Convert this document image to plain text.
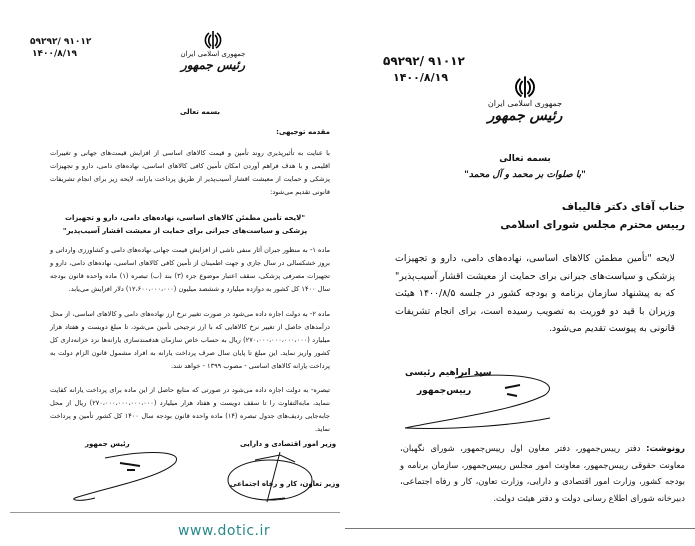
۵۹۲۹۲/ ۹۱۰۱۲
۱۴۰۰/۸/۱۹	جمهوری اسلامی ایران
رئیس جمهور
بسمه تعالی
مقدمه توجیهی:
با عنایت به تأثیرپذیری روند تأمین و قیمت کالاهای اساسی از افزایش قیمت‌های جهانی و تغییرات اقلیمی و با هدف فراهم آوردن امکان تأمین کافی کالاهای اساسی، نهاده‌های دامی، دارو و تجهیزات پزشکی و حمایت از معیشت اقشار آسیب‌پذیر از طریق پرداخت یارانه، لایحه زیر برای انجام تشریفات قانونی تقدیم می‌شود:
"لایحه تأمین مطمئن کالاهای اساسی، نهاده‌های دامی، دارو و تجهیزات پزشکی و سیاست‌های جبرانی برای حمایت از معیشت اقشار آسیب‌پذیر"
ماده ۱- به منظور جبران آثار منفی ناشی از افزایش قیمت جهانی نهاده‌های دامی و کشاورزی وارداتی و بروز خشکسالی در سال جاری و جهت اطمینان از تأمین کافی کالاهای اساسی، نهاده‌های دامی، دارو و تجهیزات مصرفی پزشکی، سقف اعتبار موضوع جزء (۳) بند (ب) تبصره (۱) ماده واحده قانون بودجه سال ۱۴۰۰ کل کشور به دوازده میلیارد و ششصد میلیون (۱۲،۶۰۰،۰۰۰،۰۰۰) دلار افزایش می‌یابد.
ماده ۲- به دولت اجازه داده می‌شود در صورت تغییر نرخ ارز نهاده‌های دامی و کالاهای اساسی، از محل درآمدهای حاصل از تغییر نرخ کالاهایی که با ارز ترجیحی تأمین می‌شود، تا مبلغ دویست و هفتاد هزار میلیارد (۲۷۰،۰۰۰،۰۰۰،۰۰۰،۰۰۰) ریال به حساب خاص سازمان هدفمندسازی یارانه‌ها نزد خزانه‌داری کل کشور واریز نماید. این مبلغ تا پایان سال صرف پرداخت یارانه به افراد مشمول قانون الزام دولت به پرداخت یارانه کالاهای اساسی - مصوب ۱۳۹۹ - خواهد شد.
تبصره- به دولت اجازه داده می‌شود در صورتی که منابع حاصل از این ماده برای پرداخت یارانه کفایت ننماید، مابه‌التفاوت را تا سقف دویست و هفتاد هزار میلیارد (۲۷۰،۰۰۰،۰۰۰،۰۰۰،۰۰۰) ریال از محل جابه‌جایی ردیف‌های جدول تبصره (۱۴) ماده واحده قانون بودجه سال ۱۴۰۰ کل کشور تأمین و پرداخت نماید.
رئیس جمهور	وزیر امور اقتصادی و دارایی
وزیر تعاون، کار و رفاه اجتماعی
۵۹۲۹۲/ ۹۱۰۱۲
۱۴۰۰/۸/۱۹
جمهوری اسلامی ایران
رئیس جمهور
بسمه تعالی
"با صلوات بر محمد و آل محمد"
جناب آقای دکتر قالیباف
رییس محترم مجلس شورای اسلامی
لایحه "تأمین مطمئن کالاهای اساسی، نهاده‌های دامی، دارو و تجهیزات پزشکی و سیاست‌های جبرانی برای حمایت از معیشت اقشار آسیب‌پذیر" که به پیشنهاد سازمان برنامه و بودجه کشور در جلسه ۱۴۰۰/۸/۵ هیئت وزیران با قید دو فوریت به تصویب رسیده است، برای انجام تشریفات قانونی به پیوست تقدیم می‌شود.
سید ابراهیم رئیسی
رییس‌جمهور
رونوشت: دفتر رییس‌جمهور، دفتر معاون اول رییس‌جمهور، شورای نگهبان، معاونت حقوقی رییس‌جمهور، معاونت امور مجلس رییس‌جمهور، سازمان برنامه و بودجه کشور، وزارت امور اقتصادی و دارایی، وزارت تعاون، کار و رفاه اجتماعی، دبیرخانه شورای اطلاع رسانی دولت و دفتر هیئت دولت.
www.dotic.ir
